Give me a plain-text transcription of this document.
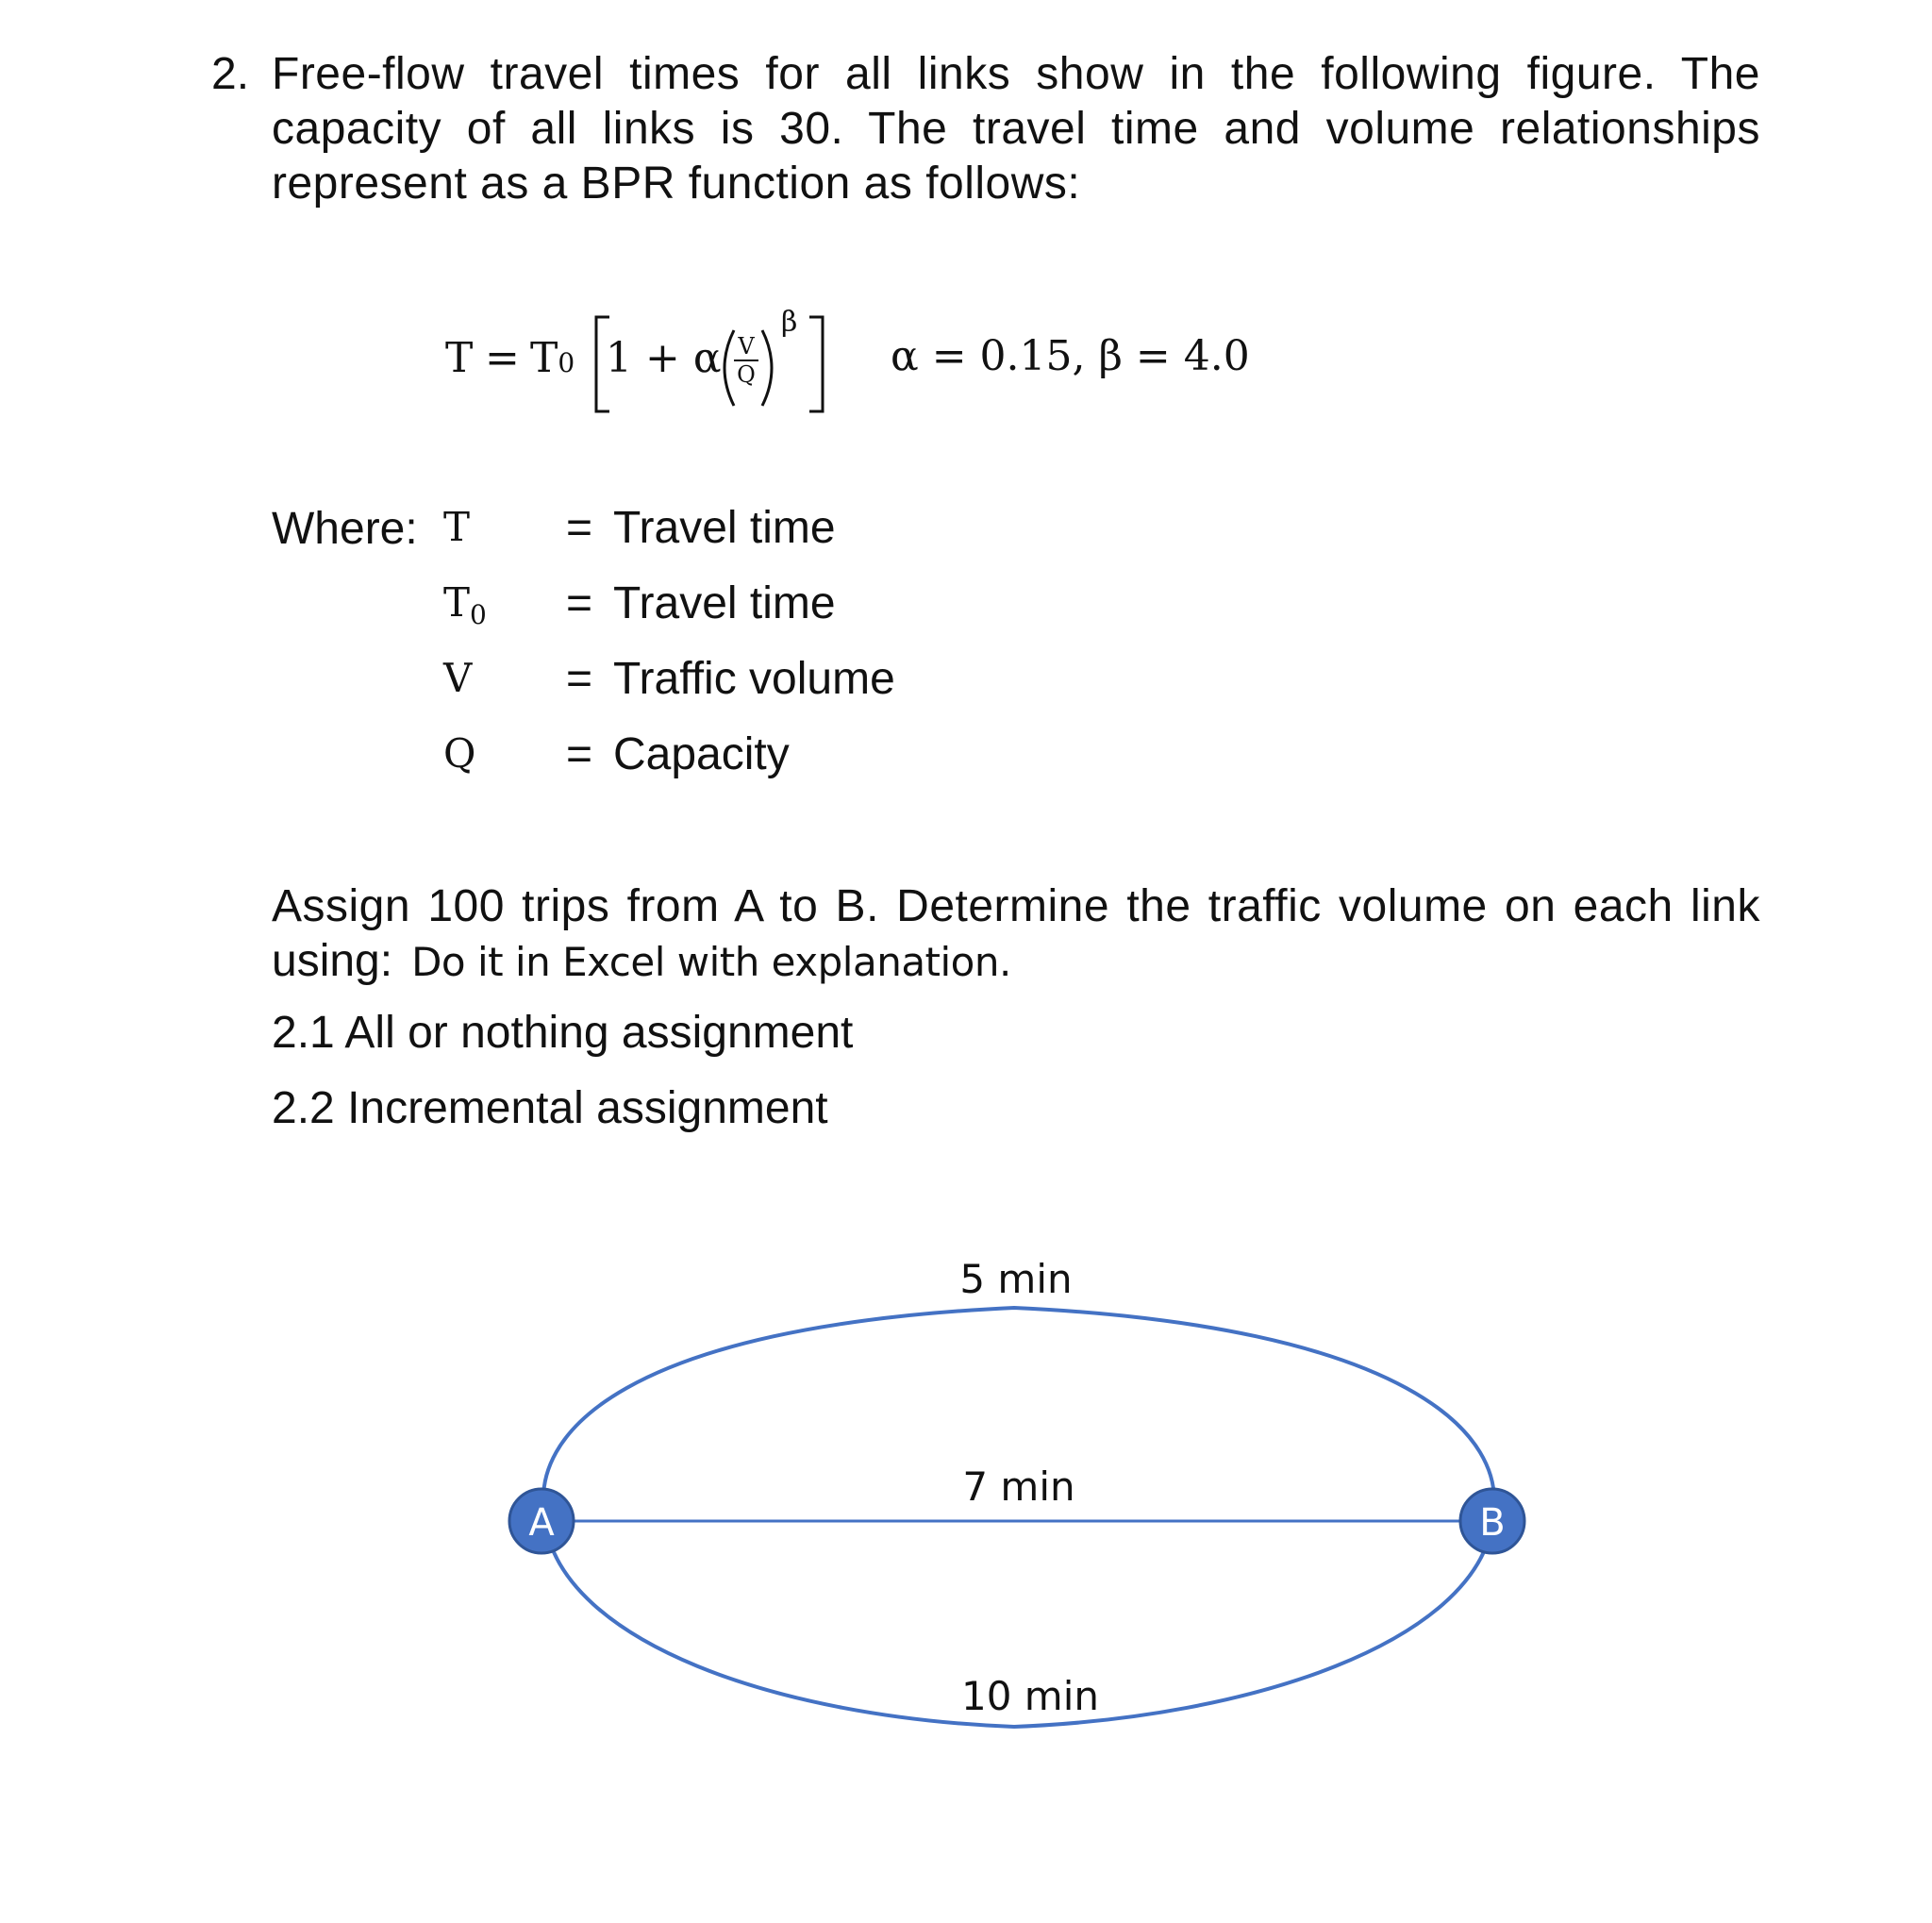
2. Free-flow travel times for all links show in the following figure. The capacity of all links is 30. The travel time and volume relationships represent as a BPR function as follows:
T = T0 1 + α V
Q
β
α = 0.15, β = 4.0
Where: T = Travel time
$T_0$ = Travel time
V = Traffic volume
Q = Capacity
Assign 100 trips from A to B. Determine the traffic volume on each link
using: Do it in Excel with explanation.
2.1 All or nothing assignment
2.2 Incremental assignment
5 min
7 min
10 min
A	B
